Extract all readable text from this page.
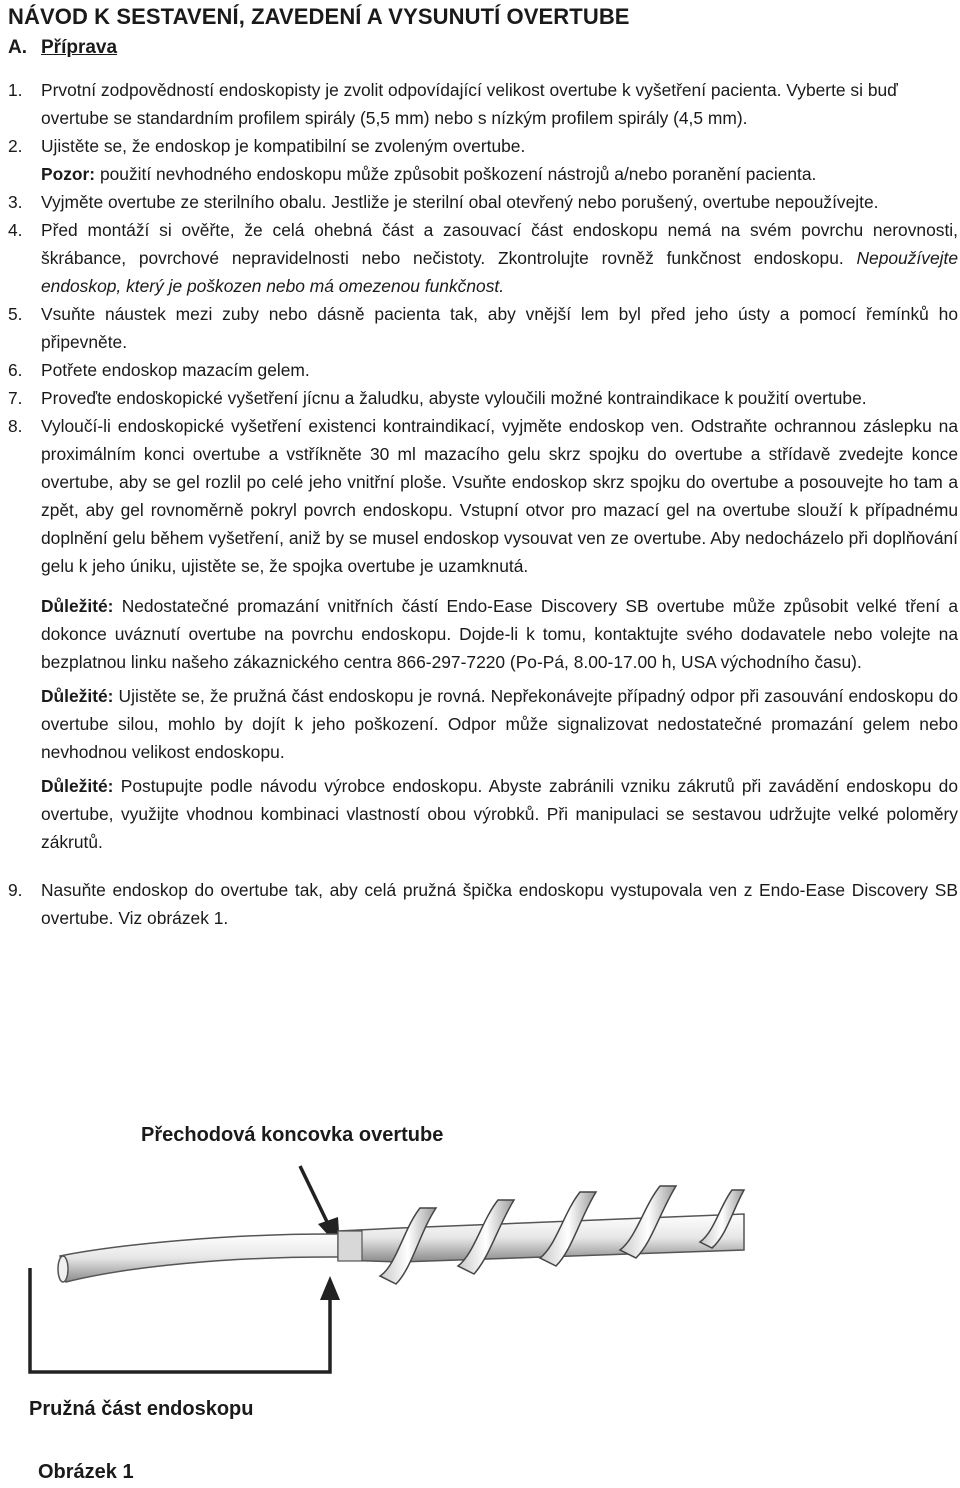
NÁVOD K SESTAVENÍ, ZAVEDENÍ A VYSUNUTÍ OVERTUBE
A. Příprava
1.	Prvotní zodpovědností endoskopisty je zvolit odpovídající velikost overtube k vyšetření pacienta. Vyberte si buď overtube se standardním profilem spirály (5,5 mm) nebo s nízkým profilem spirály (4,5 mm).

2.	Ujistěte se, že endoskop je kompatibilní se zvoleným overtube.

Pozor: použití nevhodného endoskopu může způsobit poškození nástrojů a/nebo poranění pacienta.

3.	Vyjměte overtube ze sterilního obalu. Jestliže je sterilní obal otevřený nebo porušený, overtube nepoužívejte.

4.	Před montáží si ověřte, že celá ohebná část a zasouvací část endoskopu nemá na svém povrchu nerovnosti, škrábance, povrchové nepravidelnosti nebo nečistoty. Zkontrolujte rovněž funkčnost endoskopu. Nepoužívejte endoskop, který je poškozen nebo má omezenou funkčnost.

5.	Vsuňte náustek mezi zuby nebo dásně pacienta tak, aby vnější lem byl před jeho ústy a pomocí řemínků ho připevněte.

6.	Potřete endoskop mazacím gelem.

7.	Proveďte endoskopické vyšetření jícnu a žaludku, abyste vyloučili možné kontraindikace k použití overtube.

8.	Vyloučí-li endoskopické vyšetření existenci kontraindikací, vyjměte endoskop ven. Odstraňte ochrannou záslepku na proximálním konci overtube a vstříkněte 30 ml mazacího gelu skrz spojku do overtube a střídavě zvedejte konce overtube, aby se gel rozlil po celé jeho vnitřní ploše. Vsuňte endoskop skrz spojku do overtube a posouvejte ho tam a zpět, aby gel rovnoměrně pokryl povrch endoskopu. Vstupní otvor pro mazací gel na overtube slouží k případnému doplnění gelu během vyšetření, aniž by se musel endoskop vysouvat ven ze overtube. Aby nedocházelo při doplňování gelu k jeho úniku, ujistěte se, že spojka overtube je uzamknutá.

Důležité: Nedostatečné promazání vnitřních částí Endo-Ease Discovery SB overtube může způsobit velké tření a dokonce uváznutí overtube na povrchu endoskopu. Dojde-li k tomu, kontaktujte svého dodavatele nebo volejte na bezplatnou linku našeho zákaznického centra 866-297-7220 (Po-Pá, 8.00-17.00 h, USA východního času).

Důležité: Ujistěte se, že pružná část endoskopu je rovná. Nepřekonávejte případný odpor při zasouvání endoskopu do overtube silou, mohlo by dojít k jeho poškození. Odpor může signalizovat nedostatečné promazání gelem nebo nevhodnou velikost endoskopu.

Důležité: Postupujte podle návodu výrobce endoskopu. Abyste zabránili vzniku zákrutů při zavádění endoskopu do overtube, využijte vhodnou kombinaci vlastností obou výrobků. Při manipulaci se sestavou udržujte velké poloměry zákrutů.

9.	Nasuňte endoskop do overtube tak, aby celá pružná špička endoskopu vystupovala ven z Endo-Ease Discovery SB overtube. Viz obrázek 1.

Přechodová koncovka overtube
Pružná část endoskopu
Obrázek 1
